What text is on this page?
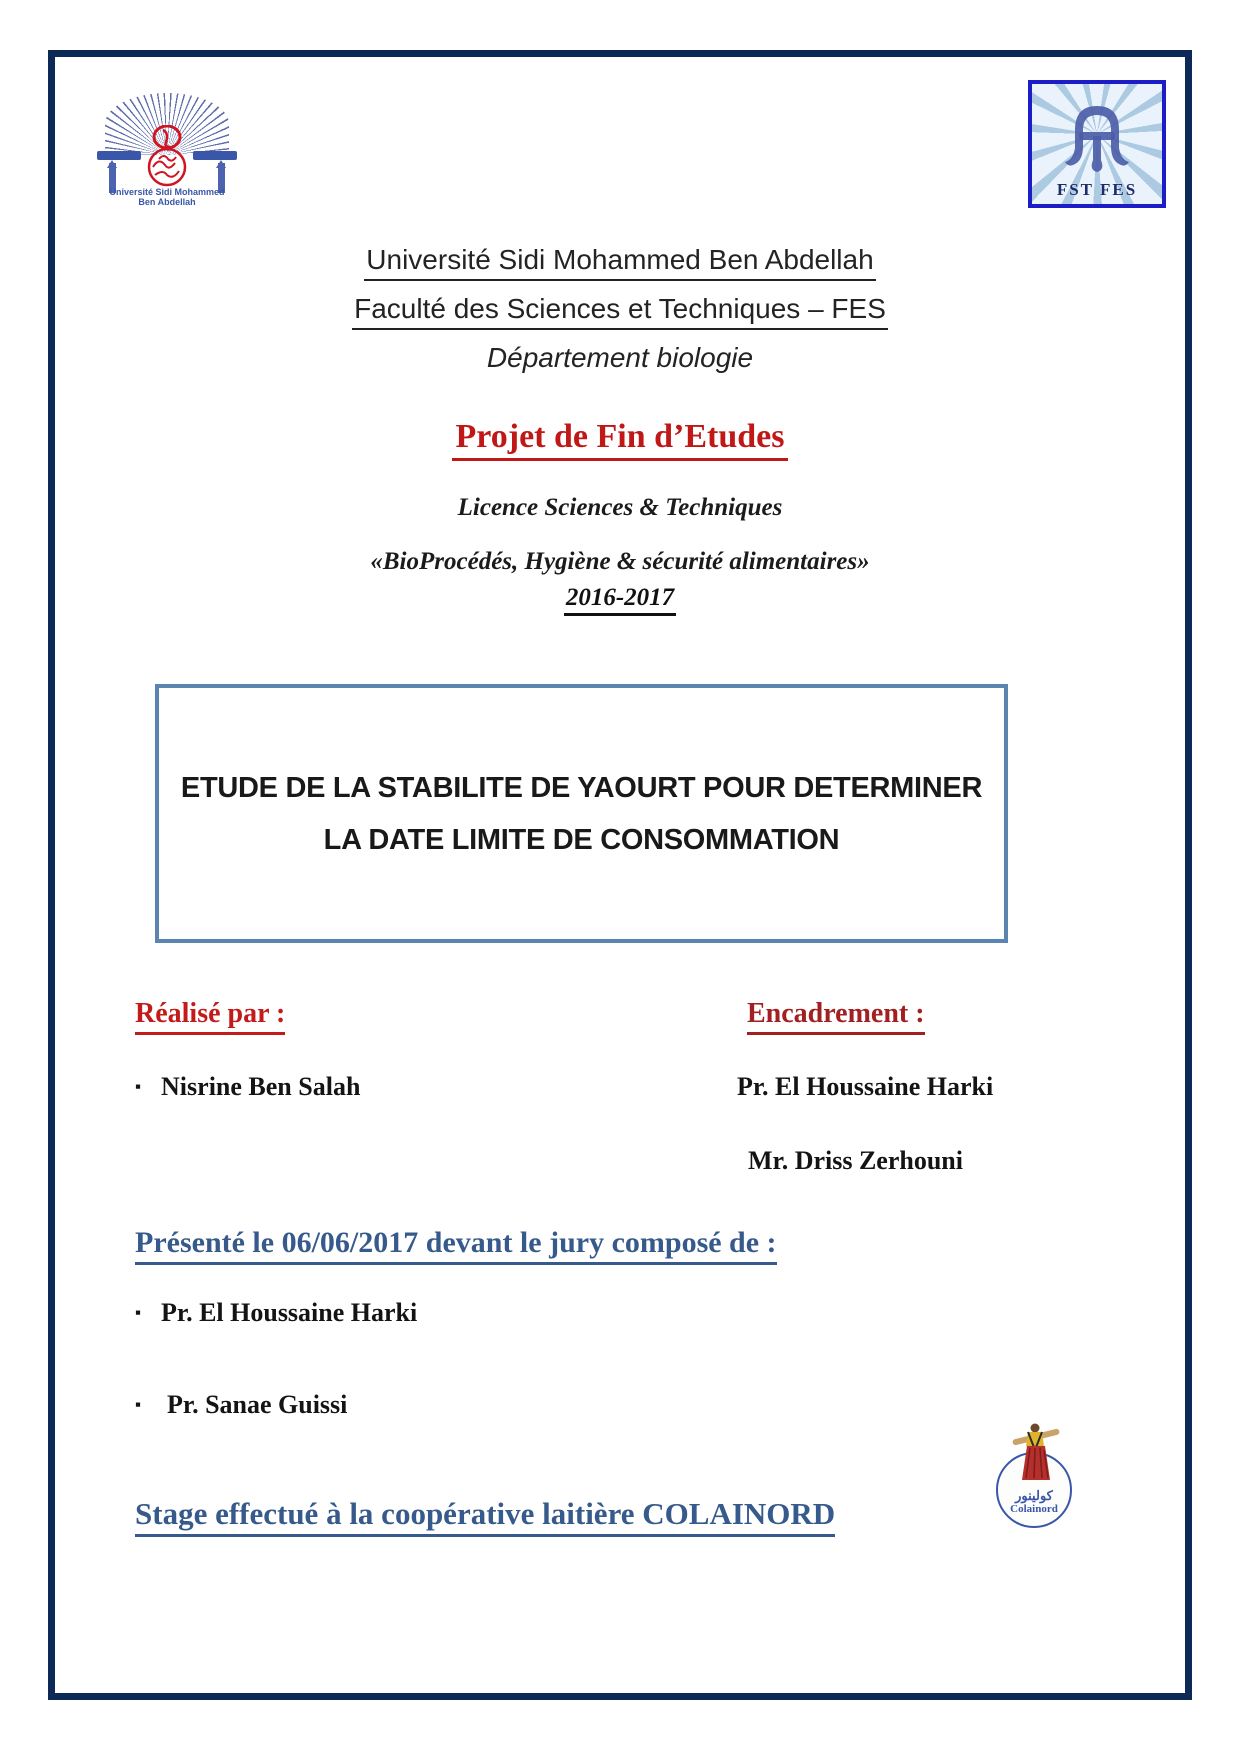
Université Sidi Mohammed
Ben Abdellah
FST FES
Université Sidi Mohammed Ben Abdellah
Faculté des Sciences et Techniques – FES
Département biologie
Projet de Fin d’Etudes
Licence Sciences & Techniques
«BioProcédés, Hygiène & sécurité alimentaires»
2016-2017
ETUDE DE LA STABILITE DE YAOURT POUR DETERMINER
LA DATE LIMITE DE CONSOMMATION
Réalisé par :	Encadrement :
▪ Nisrine Ben Salah	Pr. El Houssaine Harki
Mr. Driss Zerhouni
Présenté le 06/06/2017 devant le jury composé de :
▪ Pr. El Houssaine Harki
▪ Pr. Sanae Guissi
Stage effectué à la coopérative laitière COLAINORD
كولينور
Colainord
